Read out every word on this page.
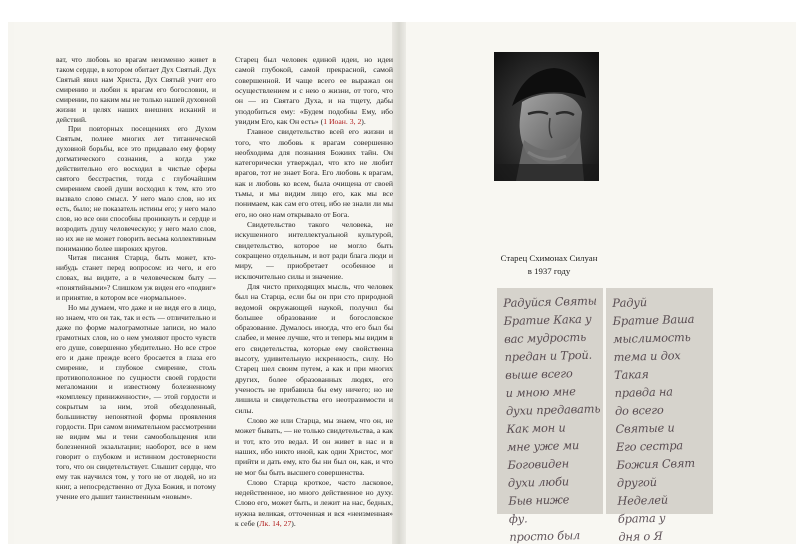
ват, что любовь ко врагам неизменно живет в таком сердце, в котором обитает Дух Святый. Дух Святый явил нам Христа, Дух Святый учит его смирению и любви к врагам его богословии, и смирении, по каким мы не только нашей духовной жизни и целях наших внешних исканий и действий.

При повторных посещениях его Духом Святым, полнее многих лет титанической духовной борьбы, все это придавало ему форму догматического сознания, а когда уже действительно его восходил в чистые сферы святого бесстрастия, тогда с глубочайшим смирением своей души восходил к тем, кто это вызвало слово смысл. У него мало слов, но их есть, было; не показатель истины его; у него мало слов, но все они способны проникнуть и сердце и возродить душу человеческую; у него мало слов, но их же не может говорить весьма коллективным пониманию более широких кругов.

Читая писания Старца, быть может, кто-нибудь станет перед вопросом: из чего, и его словах, вы видите, а в человеческом быту — «понятийными»? Слишком уж виден его «подвиг» и принятие, в котором все «нормальное».

Но мы думаем, что даже и не видя его в лицо, но знаем, что он так, так и есть — отличительно и даже по форме малограмотные записи, но мало грамотных слов, но о нем умоляют просто чувств его душе, совершенно убедительно. Но все строе его и даже прежде всего бросается в глаза его смирение, и глубокое смирение, столь противоположное по сущности своей гордости мегаломании и известному болезненному «комплексу приниженности», — этой гордости и сокрытым за ним, этой обездоленный, большинству непонятной формы проявления гордости. При самом внимательном рассмотрении не видим мы и тени самообольщения или болезненной экзальтации; наоборот, все в нем говорит о глубоком и истинном достоверности того, что он свидетельствует. Слышит сердце, что ему так научился том, у того не от людей, но из книг, а непосредственно от Духа Божия, и потому учение его дышит таинственным «новым».

Старец был человек единой идеи, но идеи самой глубокой, самой прекрасной, самой совершенной. И чаще всего ее выражал он осуществлением и с нею о жизни, от того, что он — из Святаго Духа, и на тщету, дабы уподобиться ему: «Будем подобны Ему, ибо увидим Его, как Он есть» (1 Иоан. 3, 2).

Главное свидетельство всей его жизни и того, что любовь к врагам совершенно необходима для познания Божиих тайн. Он категорически утверждал, что кто не любит врагов, тот не знает Бога. Его любовь к врагам, как и любовь ко всем, была очищена от своей тьмы, и мы видим лицо его, как мы все понимаем, как сам его отец, ибо не знали ли мы его, но оно нам открывало от Бога.

Свидетельство такого человека, не искушенного интеллектуальной культурой, свидетельство, которое не могло быть сокращено отдельным, и вот ради блага люди и миру, — приобретает особенное и исключительно силы и значение.

Для чисто приходящих мысль, что человек был на Старца, если бы он при сто природной ведомой окружающей наукой, получил бы большее образование и богословское образование. Думалось иногда, что его был бы слабее, и менее лучше, что и теперь мы видим в его свидетельства, которые ему свойственна высоту, удивительную искренность, силу. Но Старец шел своим путем, а как и при многих других, более образованных людях, его ученость не прибавила бы ему ничего; но не лишила и свидетельства его неотразимости и силы.

Слово же или Старца, мы знаем, что он, не может бывать, — не только свидетельства, а как и тот, кто это ведал. И он живет в нас и в наших, ибо никто иной, как один Христос, мог прийти и дать ему, кто бы ни был он, как, и что не мог бы быть высшего совершенства.

Слово Старца кроткое, часто ласковое, недейственное, но много действенное но духу. Слово его, может быть, и лежит на нас, бедных, нужна великая, отточенная и вся «неизменная» к себе (Лк. 14, 27).

Старец Схимонах Силуан
в 1937 году
Радуйся Святы
Братие Кака у
вас мудрость
предан и Трой.
выше всего
и мною мне
духи предавать
Как мон и
мне уже ми
Боговиден
духи люби
Быв ниже
фу.
просто был
Радуй
Братие Ваша
мыслимость
тема и дох
Такая
правда на
до всего
Святые и
Его сестра
Божия Свят
другой
Неделей
брата у
дня о Я
